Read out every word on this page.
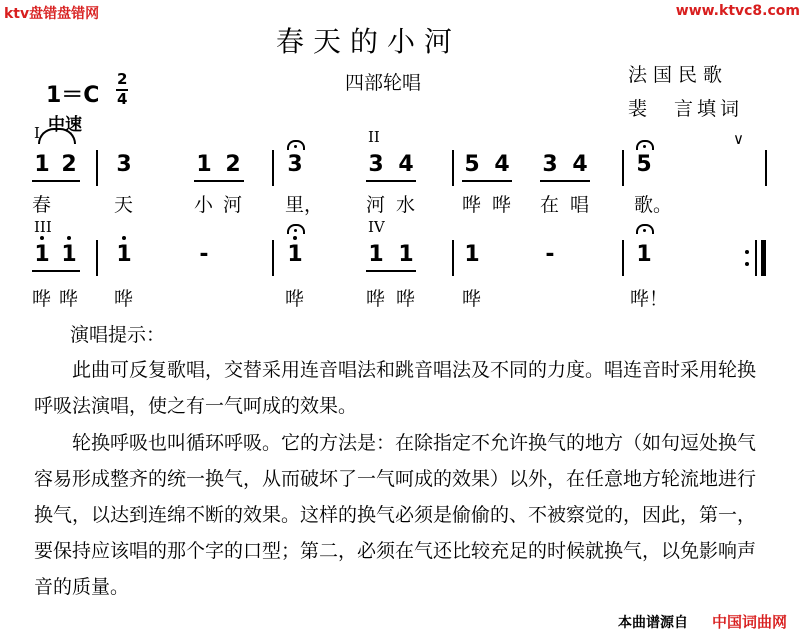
ktv盘错盘错网	www.ktvc8.com
春天的小河
四部轮唱	法国民歌
裴　言填词
1＝C
2
4
中速
I	II	∨
1 2 3	1 2 3	3 4 5 4 3 4 5
春	天	小 河 里， 河 水 哗 哗 在 唱 歌。
III	IV
1 1 1	-	1	1 1 1	-	1
哗 哗 哗	哗	哗 哗 哗	哗！
演唱提示：
此曲可反复歌唱，交替采用连音唱法和跳音唱法及不同的力度。唱连音时采用轮换呼吸法演唱，使之有一气呵成的效果。
轮换呼吸也叫循环呼吸。它的方法是：在除指定不允许换气的地方（如句逗处换气容易形成整齐的统一换气，从而破坏了一气呵成的效果）以外，在任意地方轮流地进行换气，以达到连绵不断的效果。这样的换气必须是偷偷的、不被察觉的，因此，第一，要保持应该唱的那个字的口型；第二，必须在气还比较充足的时候就换气，以免影响声音的质量。
本曲谱源自 中国词曲网
